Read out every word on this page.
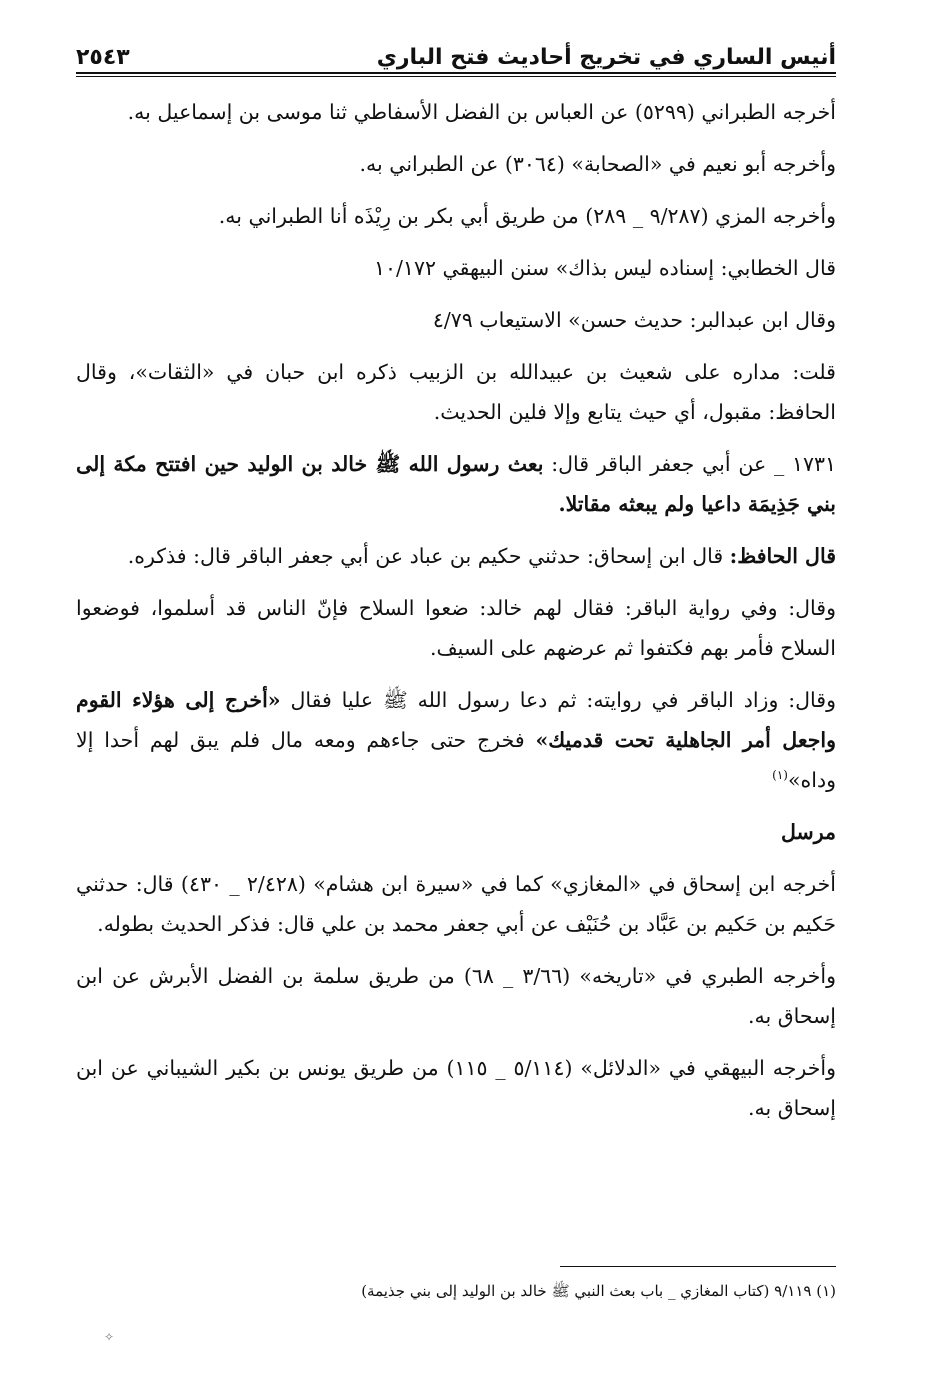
أنيس الساري في تخريج أحاديث فتح الباري
٢٥٤٣

أخرجه الطبراني (٥٢٩٩) عن العباس بن الفضل الأسفاطي ثنا موسى بن إسماعيل به.

وأخرجه أبو نعيم في «الصحابة» (٣٠٦٤) عن الطبراني به.

وأخرجه المزي (٩/٢٨٧ _ ٢٨٩) من طريق أبي بكر بن رِيْذَه أنا الطبراني به.

قال الخطابي: إسناده ليس بذاك» سنن البيهقي ١٠/١٧٢

وقال ابن عبدالبر: حديث حسن» الاستيعاب ٤/٧٩

قلت: مداره على شعيث بن عبيدالله بن الزبيب ذكره ابن حبان في «الثقات»، وقال الحافظ: مقبول، أي حيث يتابع وإلا فلين الحديث.

١٧٣١ _ عن أبي جعفر الباقر قال: بعث رسول الله ﷺ خالد بن الوليد حين افتتح مكة إلى بني جَذِيمَة داعيا ولم يبعثه مقاتلا.

قال الحافظ: قال ابن إسحاق: حدثني حكيم بن عباد عن أبي جعفر الباقر قال: فذكره.

وقال: وفي رواية الباقر: فقال لهم خالد: ضعوا السلاح فإنّ الناس قد أسلموا، فوضعوا السلاح فأمر بهم فكتفوا ثم عرضهم على السيف.

وقال: وزاد الباقر في روايته: ثم دعا رسول الله ﷺ عليا فقال «أخرج إلى هؤلاء القوم واجعل أمر الجاهلية تحت قدميك» فخرج حتى جاءهم ومعه مال فلم يبق لهم أحدا إلا وداه»$^{(١)}$

مرسل

أخرجه ابن إسحاق في «المغازي» كما في «سيرة ابن هشام» (٢/٤٢٨ _ ٤٣٠) قال: حدثني حَكيم بن حَكيم بن عَبَّاد بن حُنَيْف عن أبي جعفر محمد بن علي قال: فذكر الحديث بطوله.

وأخرجه الطبري في «تاريخه» (٣/٦٦ _ ٦٨) من طريق سلمة بن الفضل الأبرش عن ابن إسحاق به.

وأخرجه البيهقي في «الدلائل» (٥/١١٤ _ ١١٥) من طريق يونس بن بكير الشيباني عن ابن إسحاق به.

(١) ٩/١١٩ (كتاب المغازي _ باب بعث النبي ﷺ خالد بن الوليد إلى بني جذيمة)
✧
